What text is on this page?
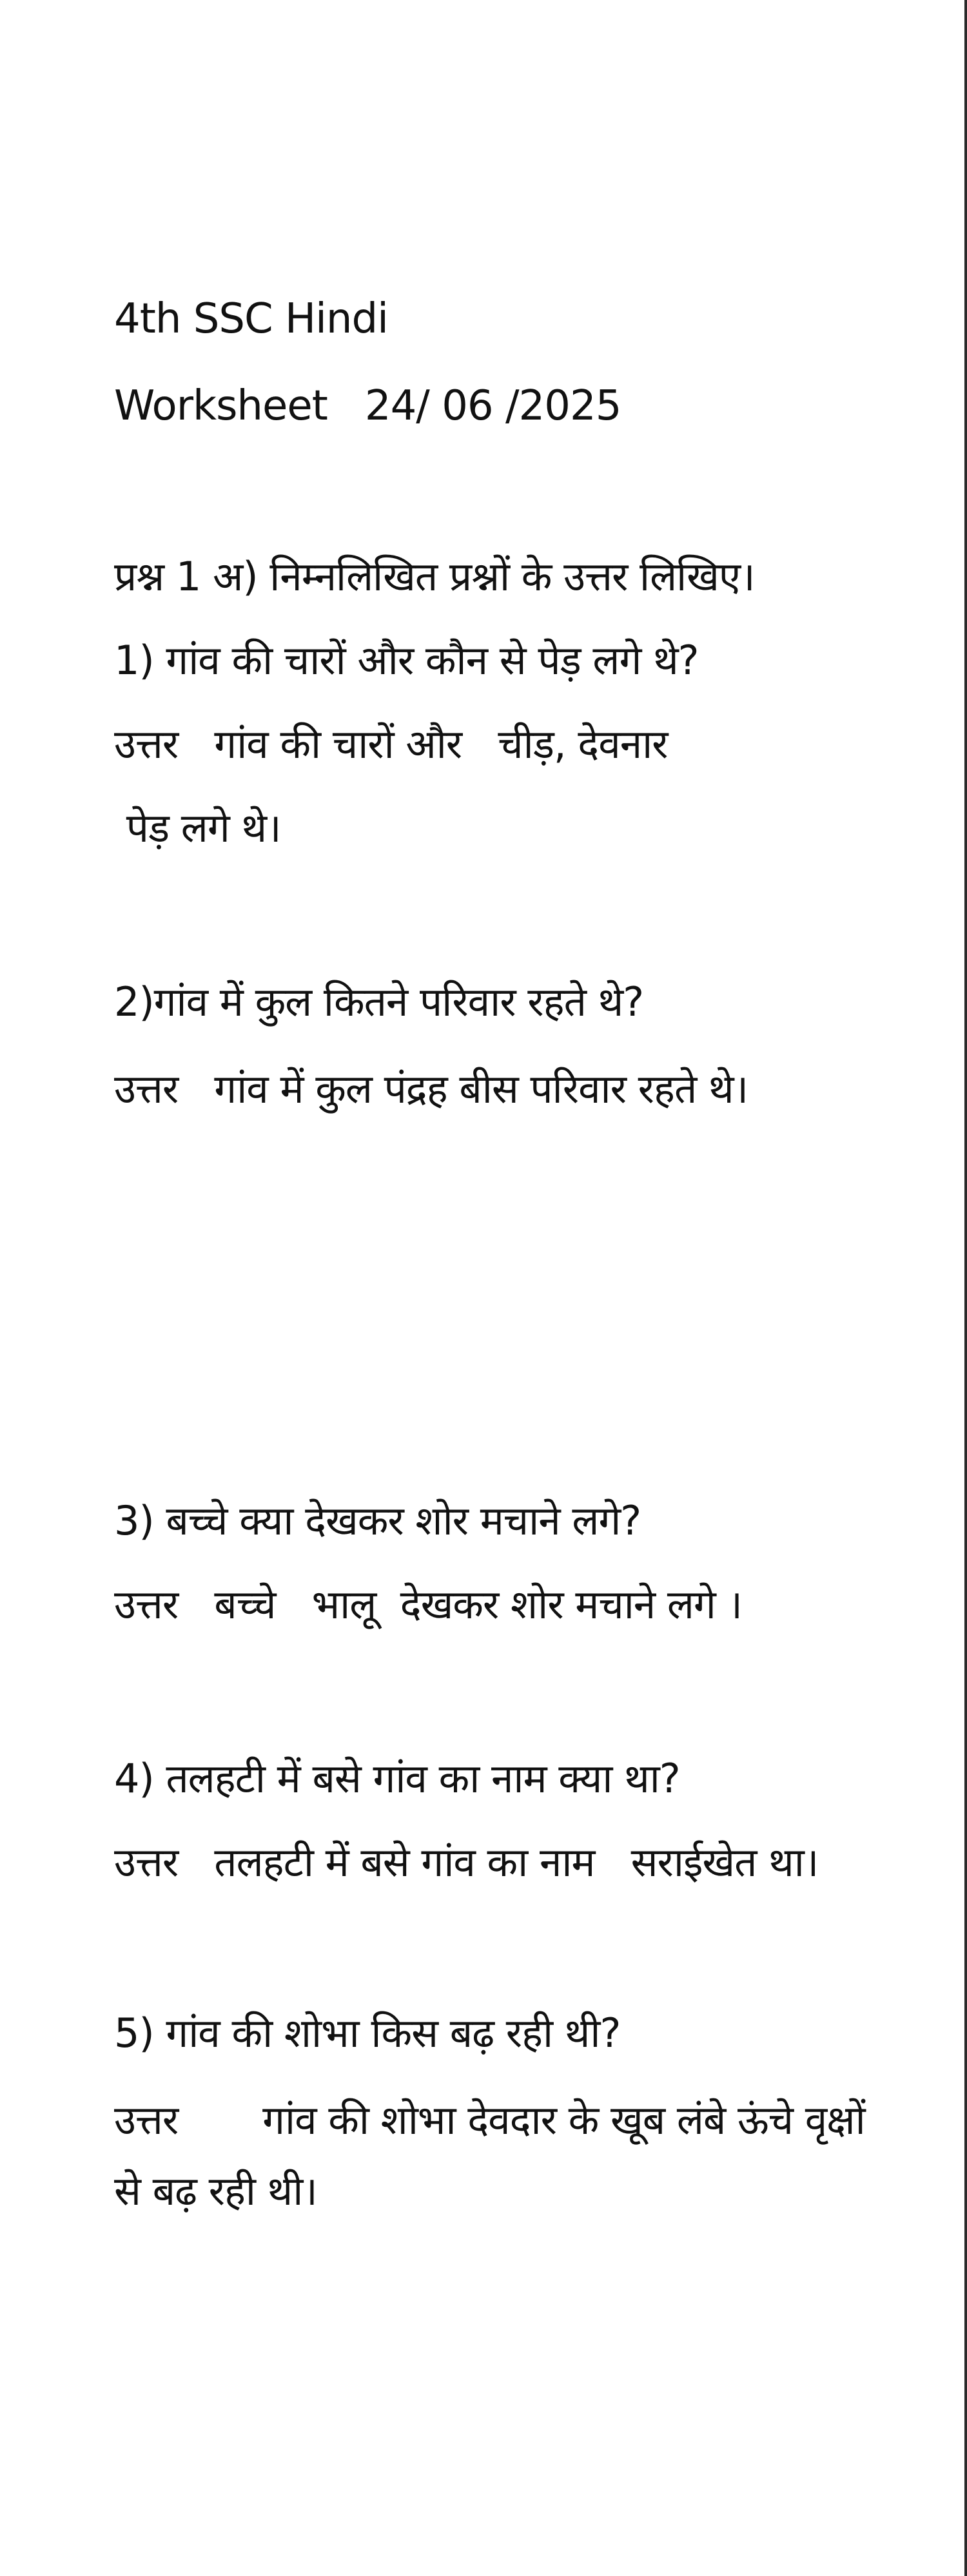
4th SSC Hindi
Worksheet   24/ 06 /2025
प्रश्न 1 अ) निम्नलिखित प्रश्नों के उत्तर लिखिए।
1) गांव की चारों और कौन से पेड़ लगे थे?
उत्तर   गांव की चारों और   चीड़, देवनार
पेड़ लगे थे।
2)गांव में कुल कितने परिवार रहते थे?
उत्तर   गांव में कुल पंद्रह बीस परिवार रहते थे।
3) बच्चे क्या देखकर शोर मचाने लगे?
उत्तर   बच्चे   भालू  देखकर शोर मचाने लगे ।
4) तलहटी में बसे गांव का नाम क्या था?
उत्तर   तलहटी में बसे गांव का नाम   सराईखेत था।
5) गांव की शोभा किस बढ़ रही थी?
उत्तर       गांव की शोभा देवदार के खूब लंबे ऊंचे वृक्षों
से बढ़ रही थी।
